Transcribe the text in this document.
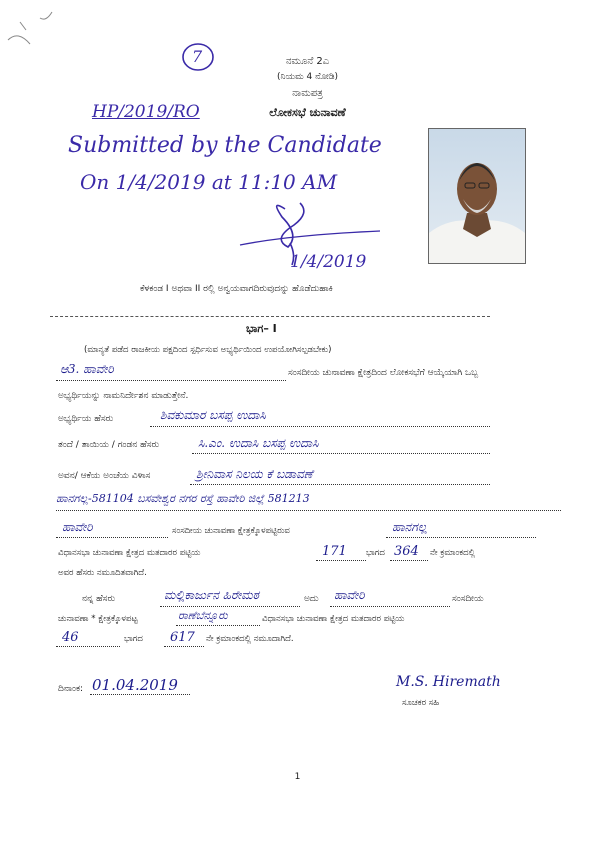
7	ನಮೂನೆ 2ಎ
(ನಿಯಮ 4 ನೋಡಿ)
ನಾಮಪತ್ರ
ಲೋಕಸಭೆ ಚುನಾವಣೆ
HP/2019/RO
Submitted by the Candidate
On 1/4/2019 at 11:10 AM
1/4/2019
ಕೆಳಕಂಡ I ಅಥವಾ II ರಲ್ಲಿ ಅನ್ವಯವಾಗದಿರುವುದನ್ನು ಹೊಡೆದುಹಾಕಿ
ಭಾಗ– I
(ಮಾನ್ಯತೆ ಪಡೆದ ರಾಜಕೀಯ ಪಕ್ಷದಿಂದ ಸ್ಪರ್ಧಿಸುವ ಅಭ್ಯರ್ಥಿಯಿಂದ ಉಪಯೋಗಿಸಲ್ಪಡಬೇಕು)
ಆ3. ಹಾವೇರಿ	ಸಂಸದೀಯ ಚುನಾವಣಾ ಕ್ಷೇತ್ರದಿಂದ ಲೋಕಸಭೆಗೆ ಆಯ್ಕೆಯಾಗಿ ಒಬ್ಬ
ಅಭ್ಯರ್ಥಿಯನ್ನು ನಾಮನಿರ್ದೇಶನ ಮಾಡುತ್ತೇನೆ.
ಅಭ್ಯರ್ಥಿಯ ಹೆಸರು	ಶಿವಕುಮಾರ ಬಸಪ್ಪ ಉದಾಸಿ
ತಂದೆ / ತಾಯಿಯ / ಗಂಡನ ಹೆಸರು	ಸಿ.ಎಂ. ಉದಾಸಿ ಬಸಪ್ಪ ಉದಾಸಿ
ಅವನ/ ಆಕೆಯ ಅಂಚೆಯ ವಿಳಾಸ	ಶ್ರೀನಿವಾಸ ನಿಲಯ ಕೆ ಬಡಾವಣೆ
ಹಾನಗಲ್ಲ-581104 ಬಸವೇಶ್ವರ ನಗರ ರಸ್ತೆ ಹಾವೇರಿ ಜಿಲ್ಲೆ 581213
ಹಾವೇರಿ	ಸಂಸದೀಯ ಚುನಾವಣಾ ಕ್ಷೇತ್ರಕ್ಕೊಳಪಟ್ಟಿರುವ	ಹಾನಗಲ್ಲ
ವಿಧಾನಸಭಾ ಚುನಾವಣಾ ಕ್ಷೇತ್ರದ ಮತದಾರರ ಪಟ್ಟಿಯ	171 ಭಾಗದ 364 ನೇ ಕ್ರಮಾಂಕದಲ್ಲಿ
ಅವರ ಹೆಸರು ನಮೂದಿತವಾಗಿದೆ.
ನನ್ನ ಹೆಸರು	ಮಲ್ಲಿಕಾರ್ಜುನ ಹಿರೇಮಠ	ಅದು ಹಾವೇರಿ	ಸಂಸದೀಯ
ಚುನಾವಣಾ * ಕ್ಷೇತ್ರಕ್ಕೊಳಪಟ್ಟ	ರಾಣೆಬೆನ್ನೂರು	ವಿಧಾನಸಭಾ ಚುನಾವಣಾ ಕ್ಷೇತ್ರದ ಮತದಾರರ ಪಟ್ಟಿಯ
46	ಭಾಗದ 617 ನೇ ಕ್ರಮಾಂಕದಲ್ಲಿ ನಮೂದಾಗಿದೆ.
ದಿನಾಂಕ: 01.04.2019	M.S. Hiremath
ಸೂಚಕರ ಸಹಿ
1
